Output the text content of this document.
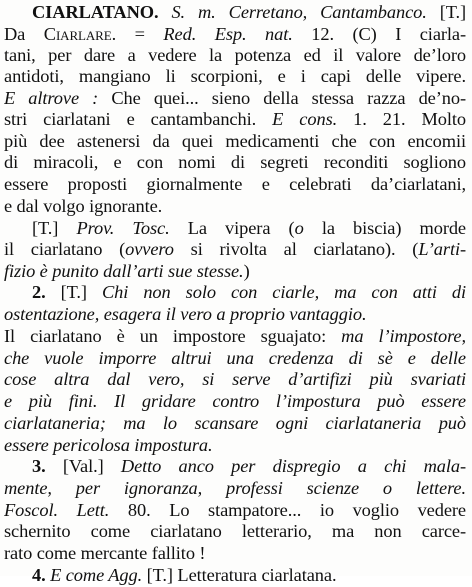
CIARLATANO. S. m. Cerretano, Cantambanco. [T.]
Da Ciarlare. = Red. Esp. nat. 12. (C) I ciarla-
tani, per dare a vedere la potenza ed il valore de’loro
antidoti, mangiano li scorpioni, e i capi delle vipere.
E altrove : Che quei... sieno della stessa razza de’no-
stri ciarlatani e cantambanchi. E cons. 1. 21. Molto
più dee astenersi da quei medicamenti che con encomii
di miracoli, e con nomi di segreti reconditi sogliono
essere proposti giornalmente e celebrati da’ciarlatani,
e dal volgo ignorante.
[T.] Prov. Tosc. La vipera (o la biscia) morde
il ciarlatano (ovvero si rivolta al ciarlatano). (L’arti-
fizio è punito dall’arti sue stesse.)
2. [T.] Chi non solo con ciarle, ma con atti di
ostentazione, esagera il vero a proprio vantaggio.
Il ciarlatano è un impostore sguajato: ma l’impostore,
che vuole imporre altrui una credenza di sè e delle
cose altra dal vero, si serve d’artifizi più svariati
e più fini. Il gridare contro l’impostura può essere
ciarlataneria; ma lo scansare ogni ciarlataneria può
essere pericolosa impostura.
3. [Val.] Detto anco per dispregio a chi mala-
mente, per ignoranza, professi scienze o lettere.
Foscol. Lett. 80. Lo stampatore... io voglio vedere
schernito come ciarlatano letterario, ma non carce-
rato come mercante fallito !
4. E come Agg. [T.] Letteratura ciarlatana.
